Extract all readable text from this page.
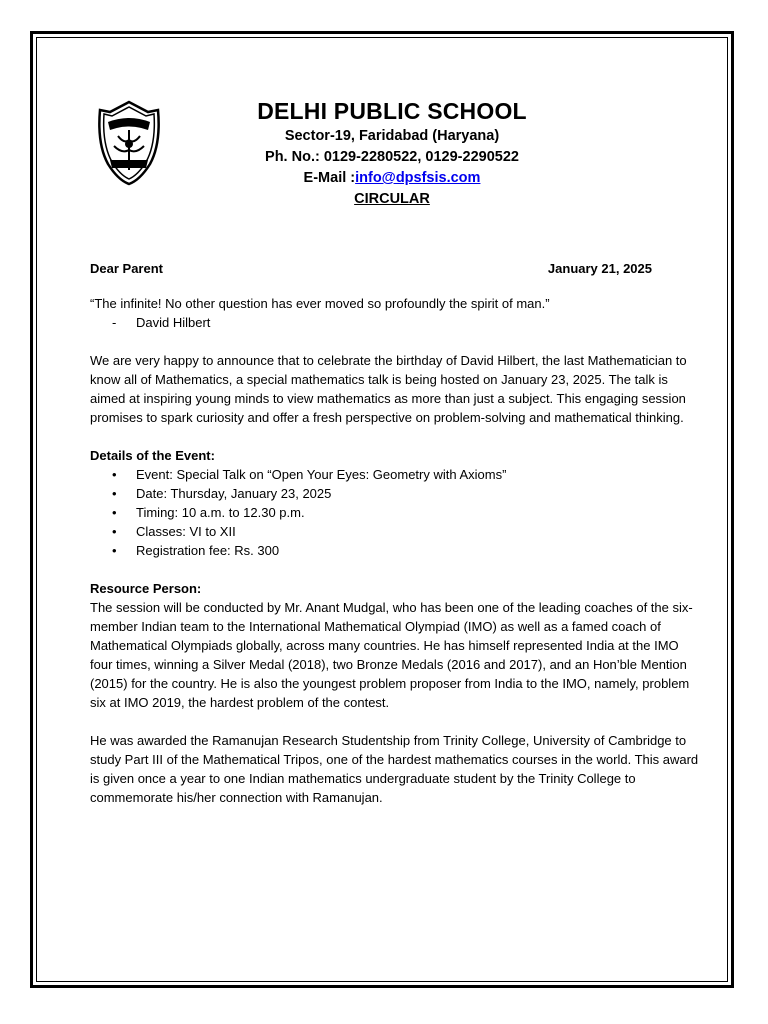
DELHI PUBLIC SCHOOL
Sector-19, Faridabad (Haryana)
Ph. No.: 0129-2280522, 0129-2290522
E-Mail :info@dpsfsis.com
CIRCULAR
Dear Parent	January 21, 2025

“The infinite! No other question has ever moved so profoundly the spirit of man.”

- David Hilbert

We are very happy to announce that to celebrate the birthday of David Hilbert, the last Mathematician to know all of Mathematics, a special mathematics talk is being hosted on January 23, 2025. The talk is aimed at inspiring young minds to view mathematics as more than just a subject. This engaging session promises to spark curiosity and offer a fresh perspective on problem-solving and mathematical thinking.

Details of the Event:

• Event: Special Talk on “Open Your Eyes: Geometry with Axioms”
• Date: Thursday, January 23, 2025
• Timing: 10 a.m. to 12.30 p.m.
• Classes: VI to XII
• Registration fee: Rs. 300

Resource Person:

The session will be conducted by Mr. Anant Mudgal, who has been one of the leading coaches of the six-member Indian team to the International Mathematical Olympiad (IMO) as well as a famed coach of Mathematical Olympiads globally, across many countries. He has himself represented India at the IMO four times, winning a Silver Medal (2018), two Bronze Medals (2016 and 2017), and an Hon’ble Mention (2015) for the country. He is also the youngest problem proposer from India to the IMO, namely, problem six at IMO 2019, the hardest problem of the contest.

He was awarded the Ramanujan Research Studentship from Trinity College, University of Cambridge to study Part III of the Mathematical Tripos, one of the hardest mathematics courses in the world. This award is given once a year to one Indian mathematics undergraduate student by the Trinity College to commemorate his/her connection with Ramanujan.
